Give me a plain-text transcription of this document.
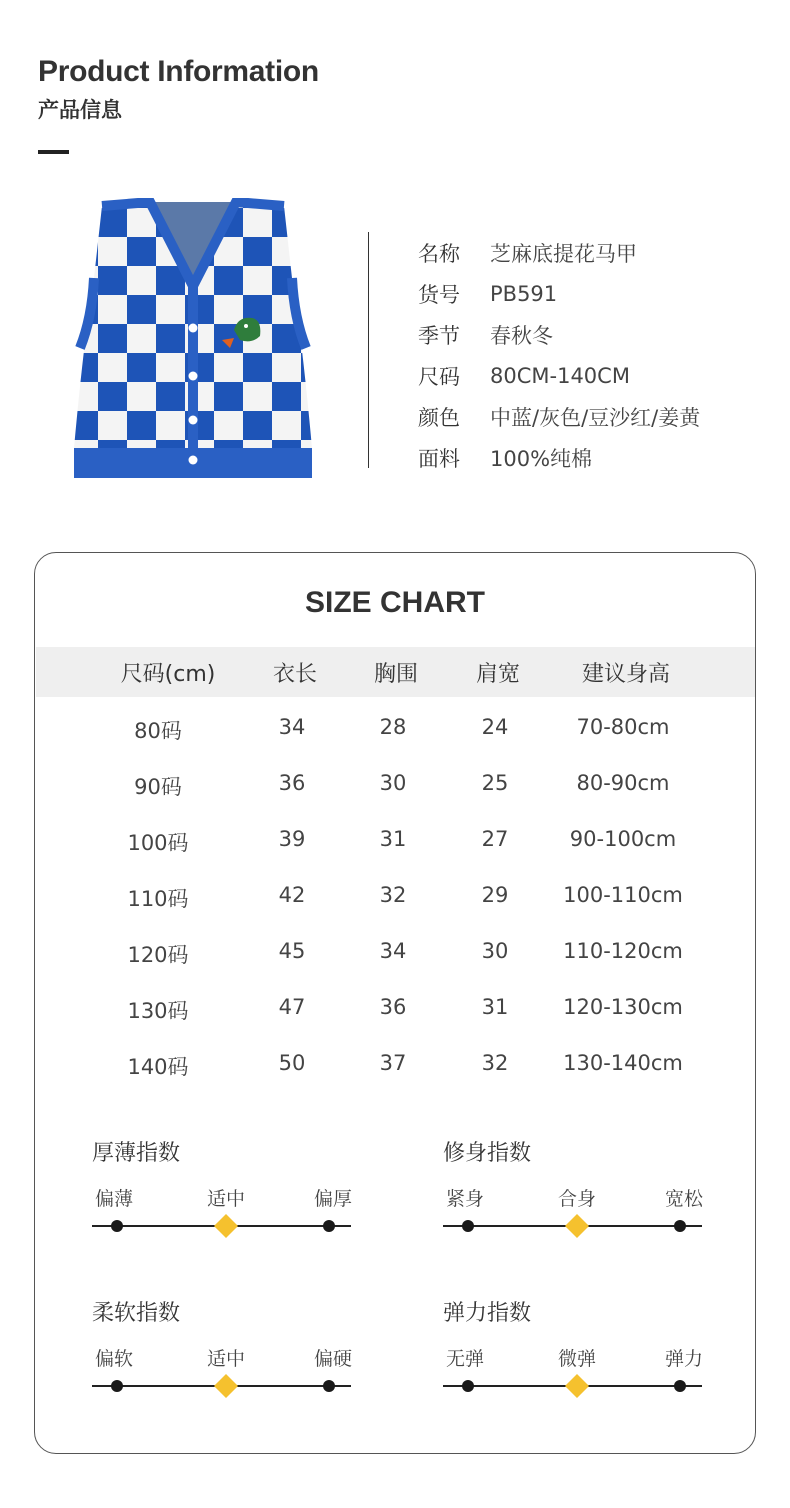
Product Information
产品信息
名称	芝麻底提花马甲
货号	PB591
季节	春秋冬
尺码	80CM-140CM
颜色	中蓝/灰色/豆沙红/姜黄
面料	100%纯棉
SIZE CHART
尺码(cm)	衣长	胸围	肩宽	建议身高
80码	34	28	24	70-80cm
90码	36	30	25	80-90cm
100码	39	31	27	90-100cm
110码	42	32	29	100-110cm
120码	45	34	30	110-120cm
130码	47	36	31	120-130cm
140码	50	37	32	130-140cm
厚薄指数
偏薄	适中	偏厚
修身指数
紧身	合身	宽松
柔软指数
偏软	适中	偏硬
弹力指数
无弹	微弹	弹力
